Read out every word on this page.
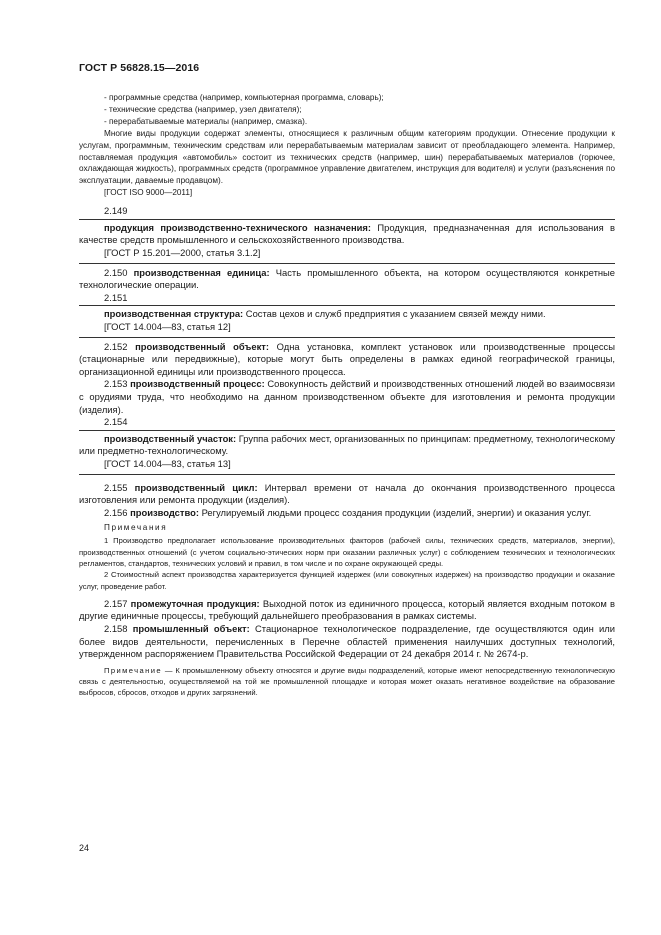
ГОСТ Р 56828.15—2016

- программные средства (например, компьютерная программа, словарь);

- технические средства (например, узел двигателя);

- перерабатываемые материалы (например, смазка).

Многие виды продукции содержат элементы, относящиеся к различным общим категориям продукции. Отнесение продукции к услугам, программным, техническим средствам или перерабатываемым материалам зависит от преобладающего элемента. Например, поставляемая продукция «автомобиль» состоит из технических средств (например, шин) перерабатываемых материалов (горючее, охлаждающая жидкость), программных средств (программное управление двигателем, инструкция для водителя) и услуги (разъяснения по эксплуатации, даваемые продавцом).

[ГОСТ ISO 9000—2011]

2.149

продукция производственно-технического назначения: Продукция, предназначенная для использования в качестве средств промышленного и сельскохозяйственного производства.

[ГОСТ Р 15.201—2000, статья 3.1.2]

2.150 производственная единица: Часть промышленного объекта, на котором осуществляются конкретные технологические операции.

2.151

производственная структура: Состав цехов и служб предприятия с указанием связей между ними.

[ГОСТ 14.004—83, статья 12]

2.152 производственный объект: Одна установка, комплект установок или производственные процессы (стационарные или передвижные), которые могут быть определены в рамках единой географической границы, организационной единицы или производственного процесса.

2.153 производственный процесс: Совокупность действий и производственных отношений людей во взаимосвязи с орудиями труда, что необходимо на данном производственном объекте для изготовления и ремонта продукции (изделия).

2.154

производственный участок: Группа рабочих мест, организованных по принципам: предметному, технологическому или предметно-технологическому.

[ГОСТ 14.004—83, статья 13]

2.155 производственный цикл: Интервал времени от начала до окончания производственного процесса изготовления или ремонта продукции (изделия).

2.156 производство: Регулируемый людьми процесс создания продукции (изделий, энергии) и оказания услуг.

Примечания

1 Производство предполагает использование производительных факторов (рабочей силы, технических средств, материалов, энергии), производственных отношений (с учетом социально-этических норм при оказании различных услуг) с соблюдением технических и технологических регламентов, стандартов, технических условий и правил, в том числе и по охране окружающей среды.

2 Стоимостный аспект производства характеризуется функцией издержек (или совокупных издержек) на производство продукции и оказание услуг, проведение работ.

2.157 промежуточная продукция: Выходной поток из единичного процесса, который является входным потоком в другие единичные процессы, требующий дальнейшего преобразования в рамках системы.

2.158 промышленный объект: Стационарное технологическое подразделение, где осуществляются один или более видов деятельности, перечисленных в Перечне областей применения наилучших доступных технологий, утвержденном распоряжением Правительства Российской Федерации от 24 декабря 2014 г. № 2674-р.

Примечание — К промышленному объекту относятся и другие виды подразделений, которые имеют непосредственную технологическую связь с деятельностью, осуществляемой на той же промышленной площадке и которая может оказать негативное воздействие на образование выбросов, сбросов, отходов и других загрязнений.

24
